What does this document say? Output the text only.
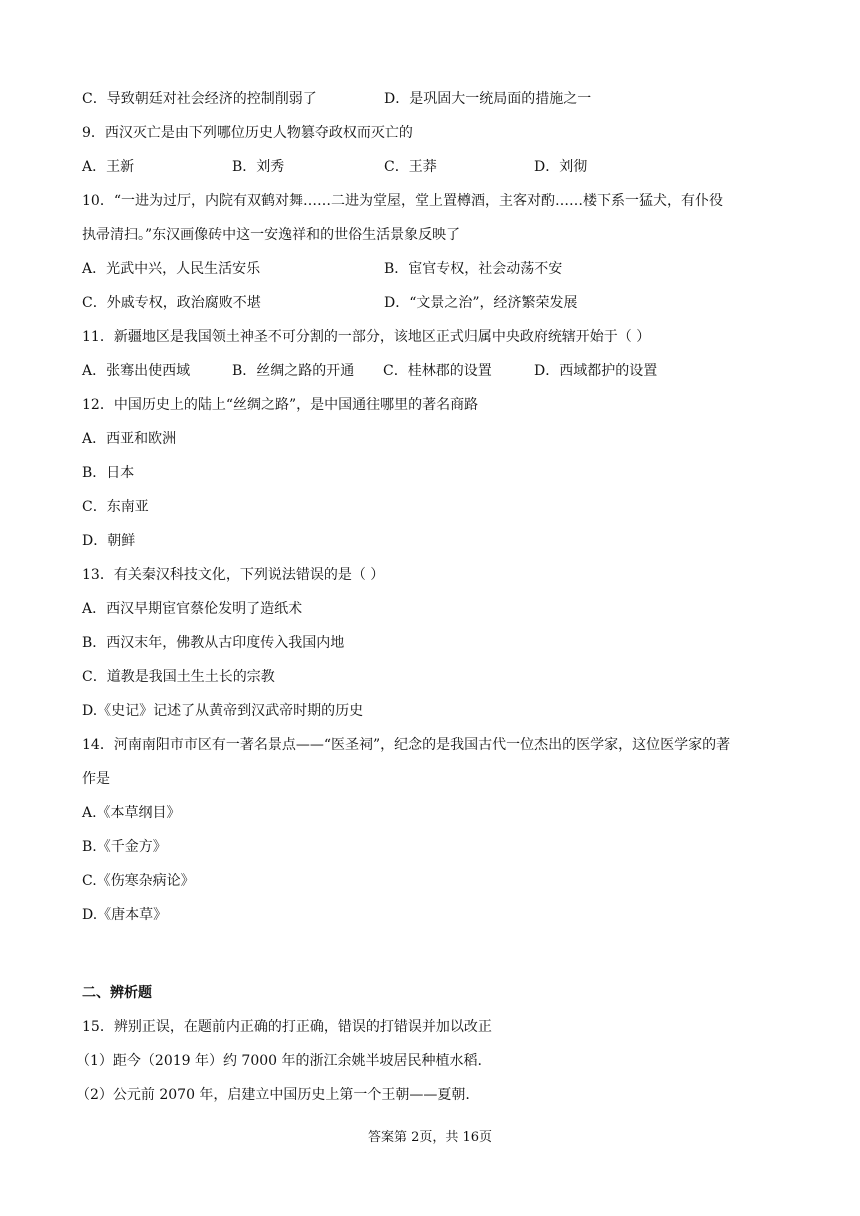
C．导致朝廷对社会经济的控制削弱了	D．是巩固大一统局面的措施之一
9．西汉灭亡是由下列哪位历史人物篡夺政权而灭亡的
A．王新	B．刘秀	C．王莽	D．刘彻
10．“一进为过厅，内院有双鹤对舞……二进为堂屋，堂上置樽酒，主客对酌……楼下系一猛犬，有仆役
执帚清扫。”东汉画像砖中这一安逸祥和的世俗生活景象反映了
A．光武中兴，人民生活安乐	B．宦官专权，社会动荡不安
C．外戚专权，政治腐败不堪	D．“文景之治”，经济繁荣发展
11．新疆地区是我国领土神圣不可分割的一部分，该地区正式归属中央政府统辖开始于（ ）
A．张骞出使西域	B．丝绸之路的开通 C．桂林郡的设置	D．西域都护的设置
12．中国历史上的陆上“丝绸之路”，是中国通往哪里的著名商路
A．西亚和欧洲
B．日本
C．东南亚
D．朝鲜
13．有关秦汉科技文化，下列说法错误的是（ ）
A．西汉早期宦官蔡伦发明了造纸术
B．西汉末年，佛教从古印度传入我国内地
C．道教是我国土生土长的宗教
D.《史记》记述了从黄帝到汉武帝时期的历史
14．河南南阳市市区有一著名景点——“医圣祠”，纪念的是我国古代一位杰出的医学家，这位医学家的著
作是
A.《本草纲目》
B.《千金方》
C.《伤寒杂病论》
D.《唐本草》
二、辨析题
15．辨别正误，在题前内正确的打正确，错误的打错误并加以改正
（1）距今（2019 年）约 7000 年的浙江余姚半坡居民种植水稻.
（2）公元前 2070 年，启建立中国历史上第一个王朝——夏朝.
答案第 2页，共 16页
